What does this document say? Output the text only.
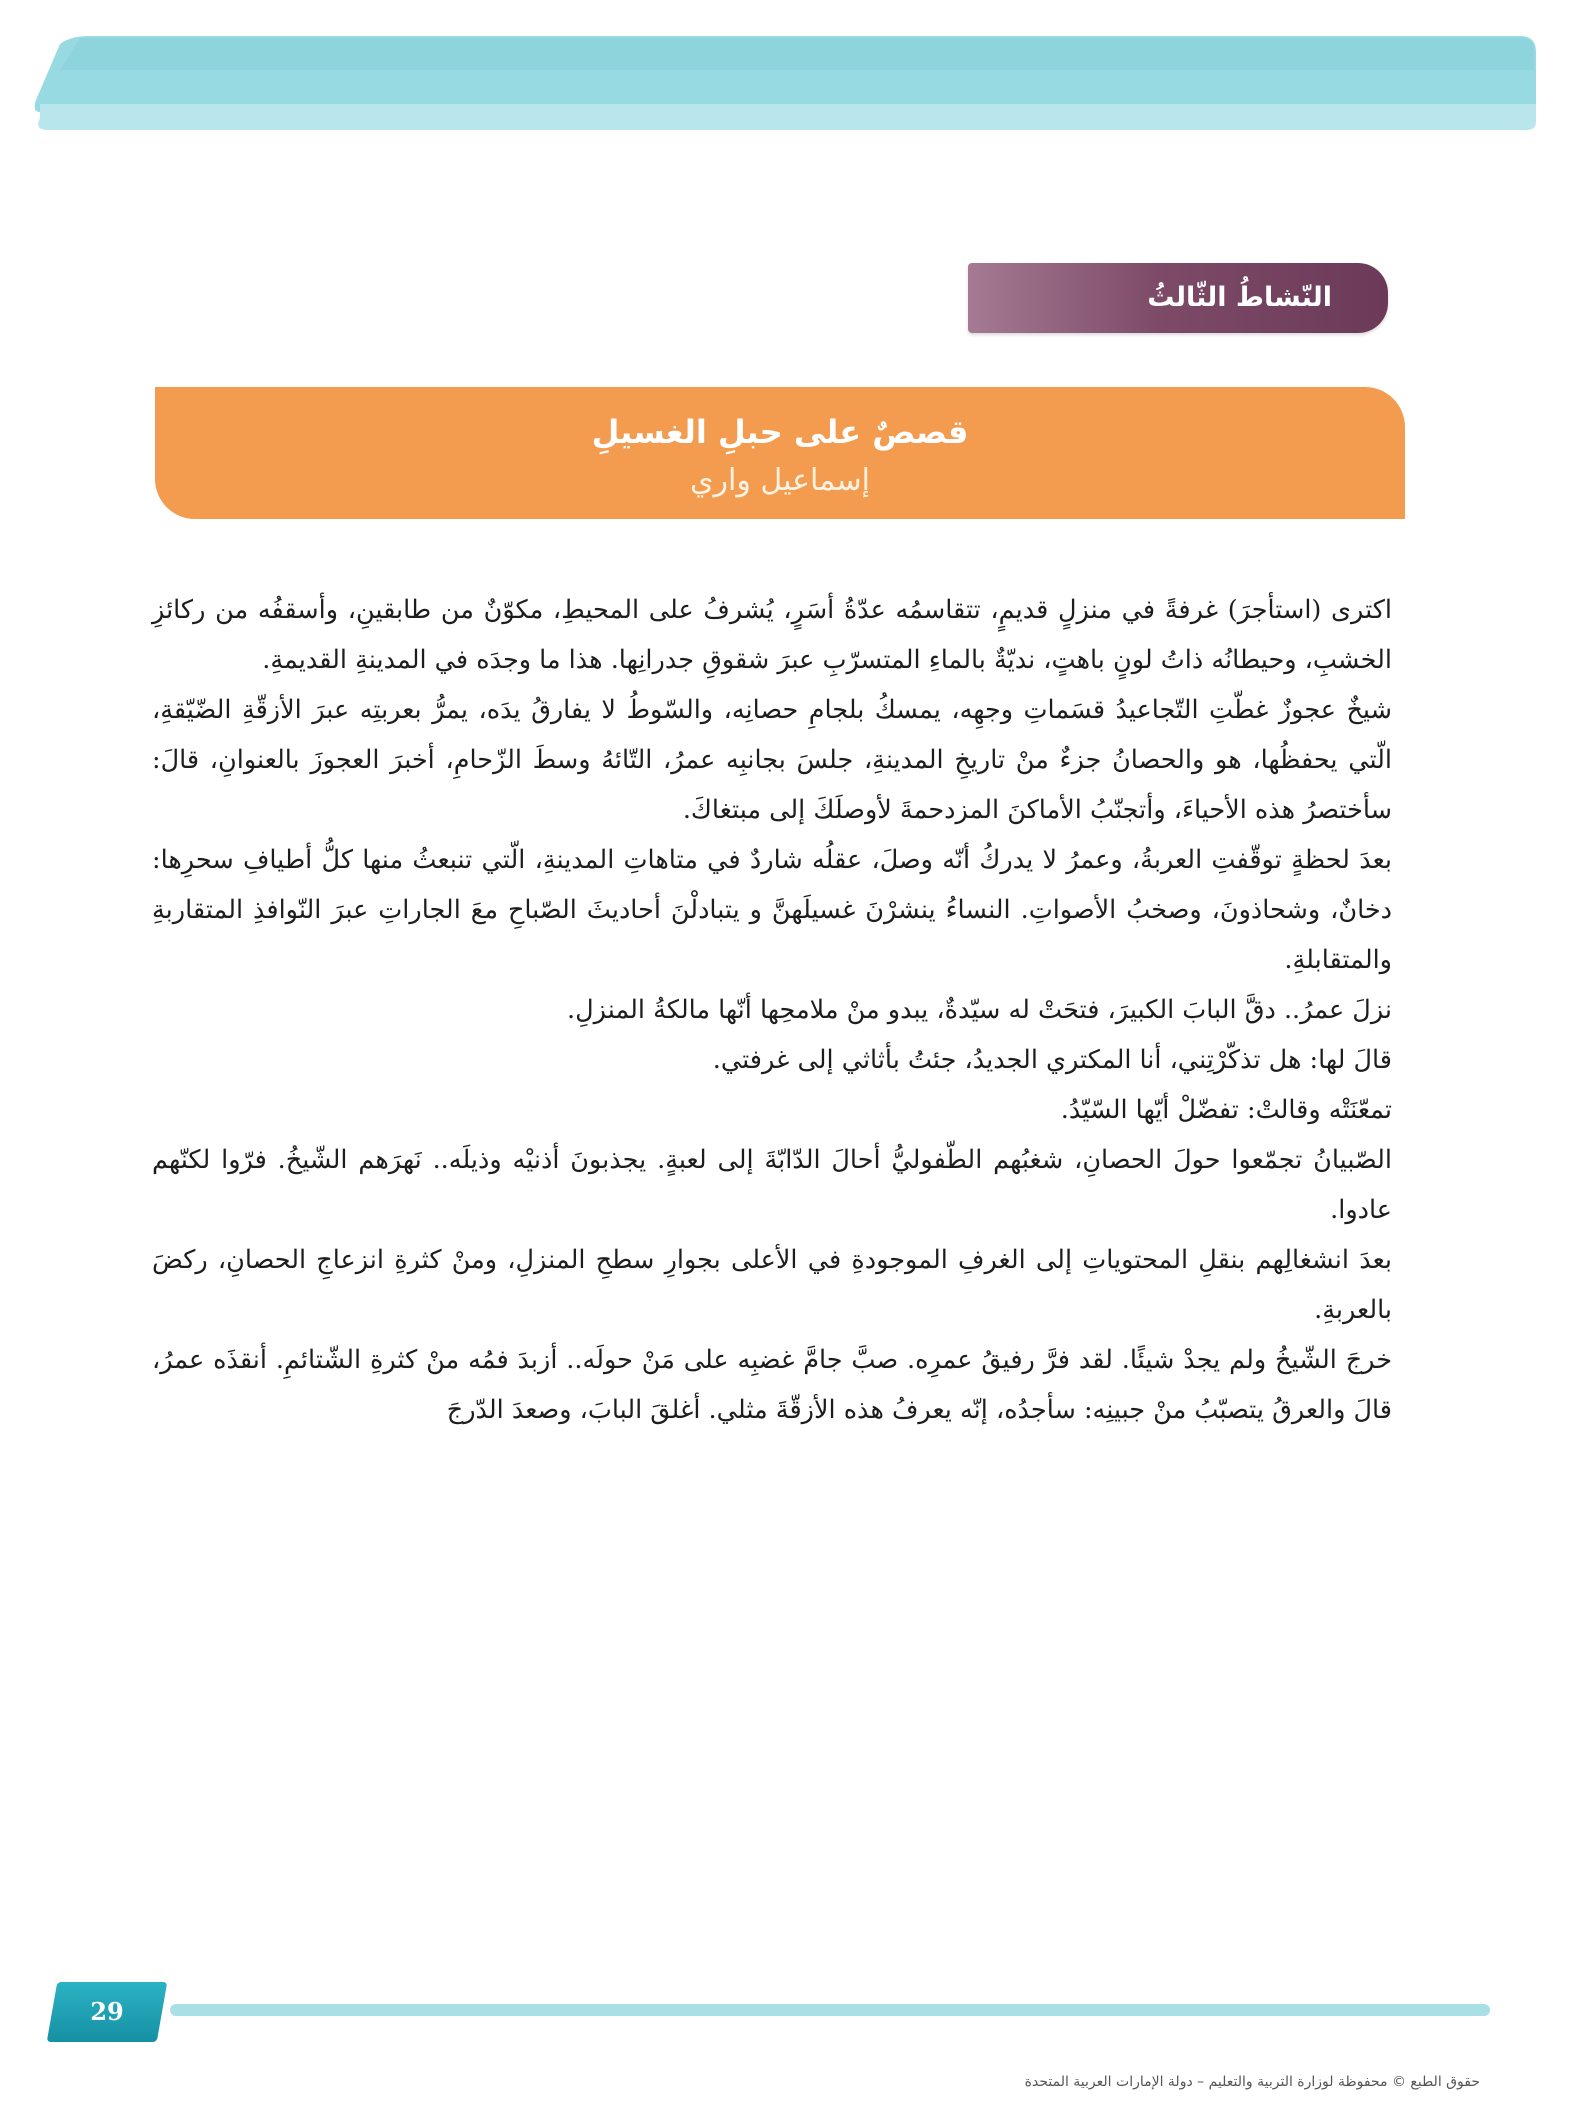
النّشاطُ الثّالثُ
قصصٌ على حبلِ الغسيلِ
إسماعيل واري

اكترى (استأجرَ) غرفةً في منزلٍ قديمٍ، تتقاسمُه عدّةُ أسَرٍ، يُشرفُ على المحيطِ، مكوّنٌ من طابقينِ، وأسقفُه من ركائزِ الخشبِ، وحيطانُه ذاتُ لونٍ باهتٍ، نديّةٌ بالماءِ المتسرّبِ عبرَ شقوقِ جدرانِها. هذا ما وجدَه في المدينةِ القديمةِ.

شيخٌ عجوزٌ غطّتِ التّجاعيدُ قسَماتِ وجهِه، يمسكُ بلجامِ حصانِه، والسّوطُ لا يفارقُ يدَه، يمرُّ بعربتِه عبرَ الأزقّةِ الضّيّقةِ، الّتي يحفظُها، هو والحصانُ جزءٌ منْ تاريخِ المدينةِ، جلسَ بجانبِه عمرُ، التّائهُ وسطَ الزّحامِ، أخبرَ العجوزَ بالعنوانِ، قالَ: سأختصرُ هذه الأحياءَ، وأتجنّبُ الأماكنَ المزدحمةَ لأوصلَكَ إلى مبتغاكَ.

بعدَ لحظةٍ توقّفتِ العربةُ، وعمرُ لا يدركُ أنّه وصلَ، عقلُه شاردٌ في متاهاتِ المدينةِ، الّتي تنبعثُ منها كلُّ أطيافِ سحرِها: دخانٌ، وشحاذونَ، وصخبُ الأصواتِ. النساءُ ينشرْنَ غسيلَهنَّ و يتبادلْنَ أحاديثَ الصّباحِ معَ الجاراتِ عبرَ النّوافذِ المتقاربةِ والمتقابلةِ.

نزلَ عمرُ.. دقَّ البابَ الكبيرَ، فتحَتْ له سيّدةٌ، يبدو منْ ملامحِها أنّها مالكةُ المنزلِ.

قالَ لها: هل تذكّرْتِني، أنا المكتري الجديدُ، جئتُ بأثاثي إلى غرفتي.

تمعّنَتْه وقالتْ: تفضّلْ أيّها السّيّدُ.

الصّبيانُ تجمّعوا حولَ الحصانِ، شغبُهم الطّفوليُّ أحالَ الدّابّةَ إلى لعبةٍ. يجذبونَ أذنيْه وذيلَه.. نَهرَهم الشّيخُ. فرّوا لكنّهم عادوا.

بعدَ انشغالِهم بنقلِ المحتوياتِ إلى الغرفِ الموجودةِ في الأعلى بجوارِ سطحِ المنزلِ، ومنْ كثرةِ انزعاجِ الحصانِ، ركضَ بالعربةِ.

خرجَ الشّيخُ ولم يجدْ شيئًا. لقد فرَّ رفيقُ عمرِه. صبَّ جامَّ غضبِه على مَنْ حولَه.. أزبدَ فمُه منْ كثرةِ الشّتائمِ. أنقذَه عمرُ، قالَ والعرقُ يتصبّبُ منْ جبينِه: سأجدُه، إنّه يعرفُ هذه الأزقّةَ مثلي. أغلقَ البابَ، وصعدَ الدّرجَ

29
حقوق الطبع © محفوظة لوزارة التربية والتعليم – دولة الإمارات العربية المتحدة
